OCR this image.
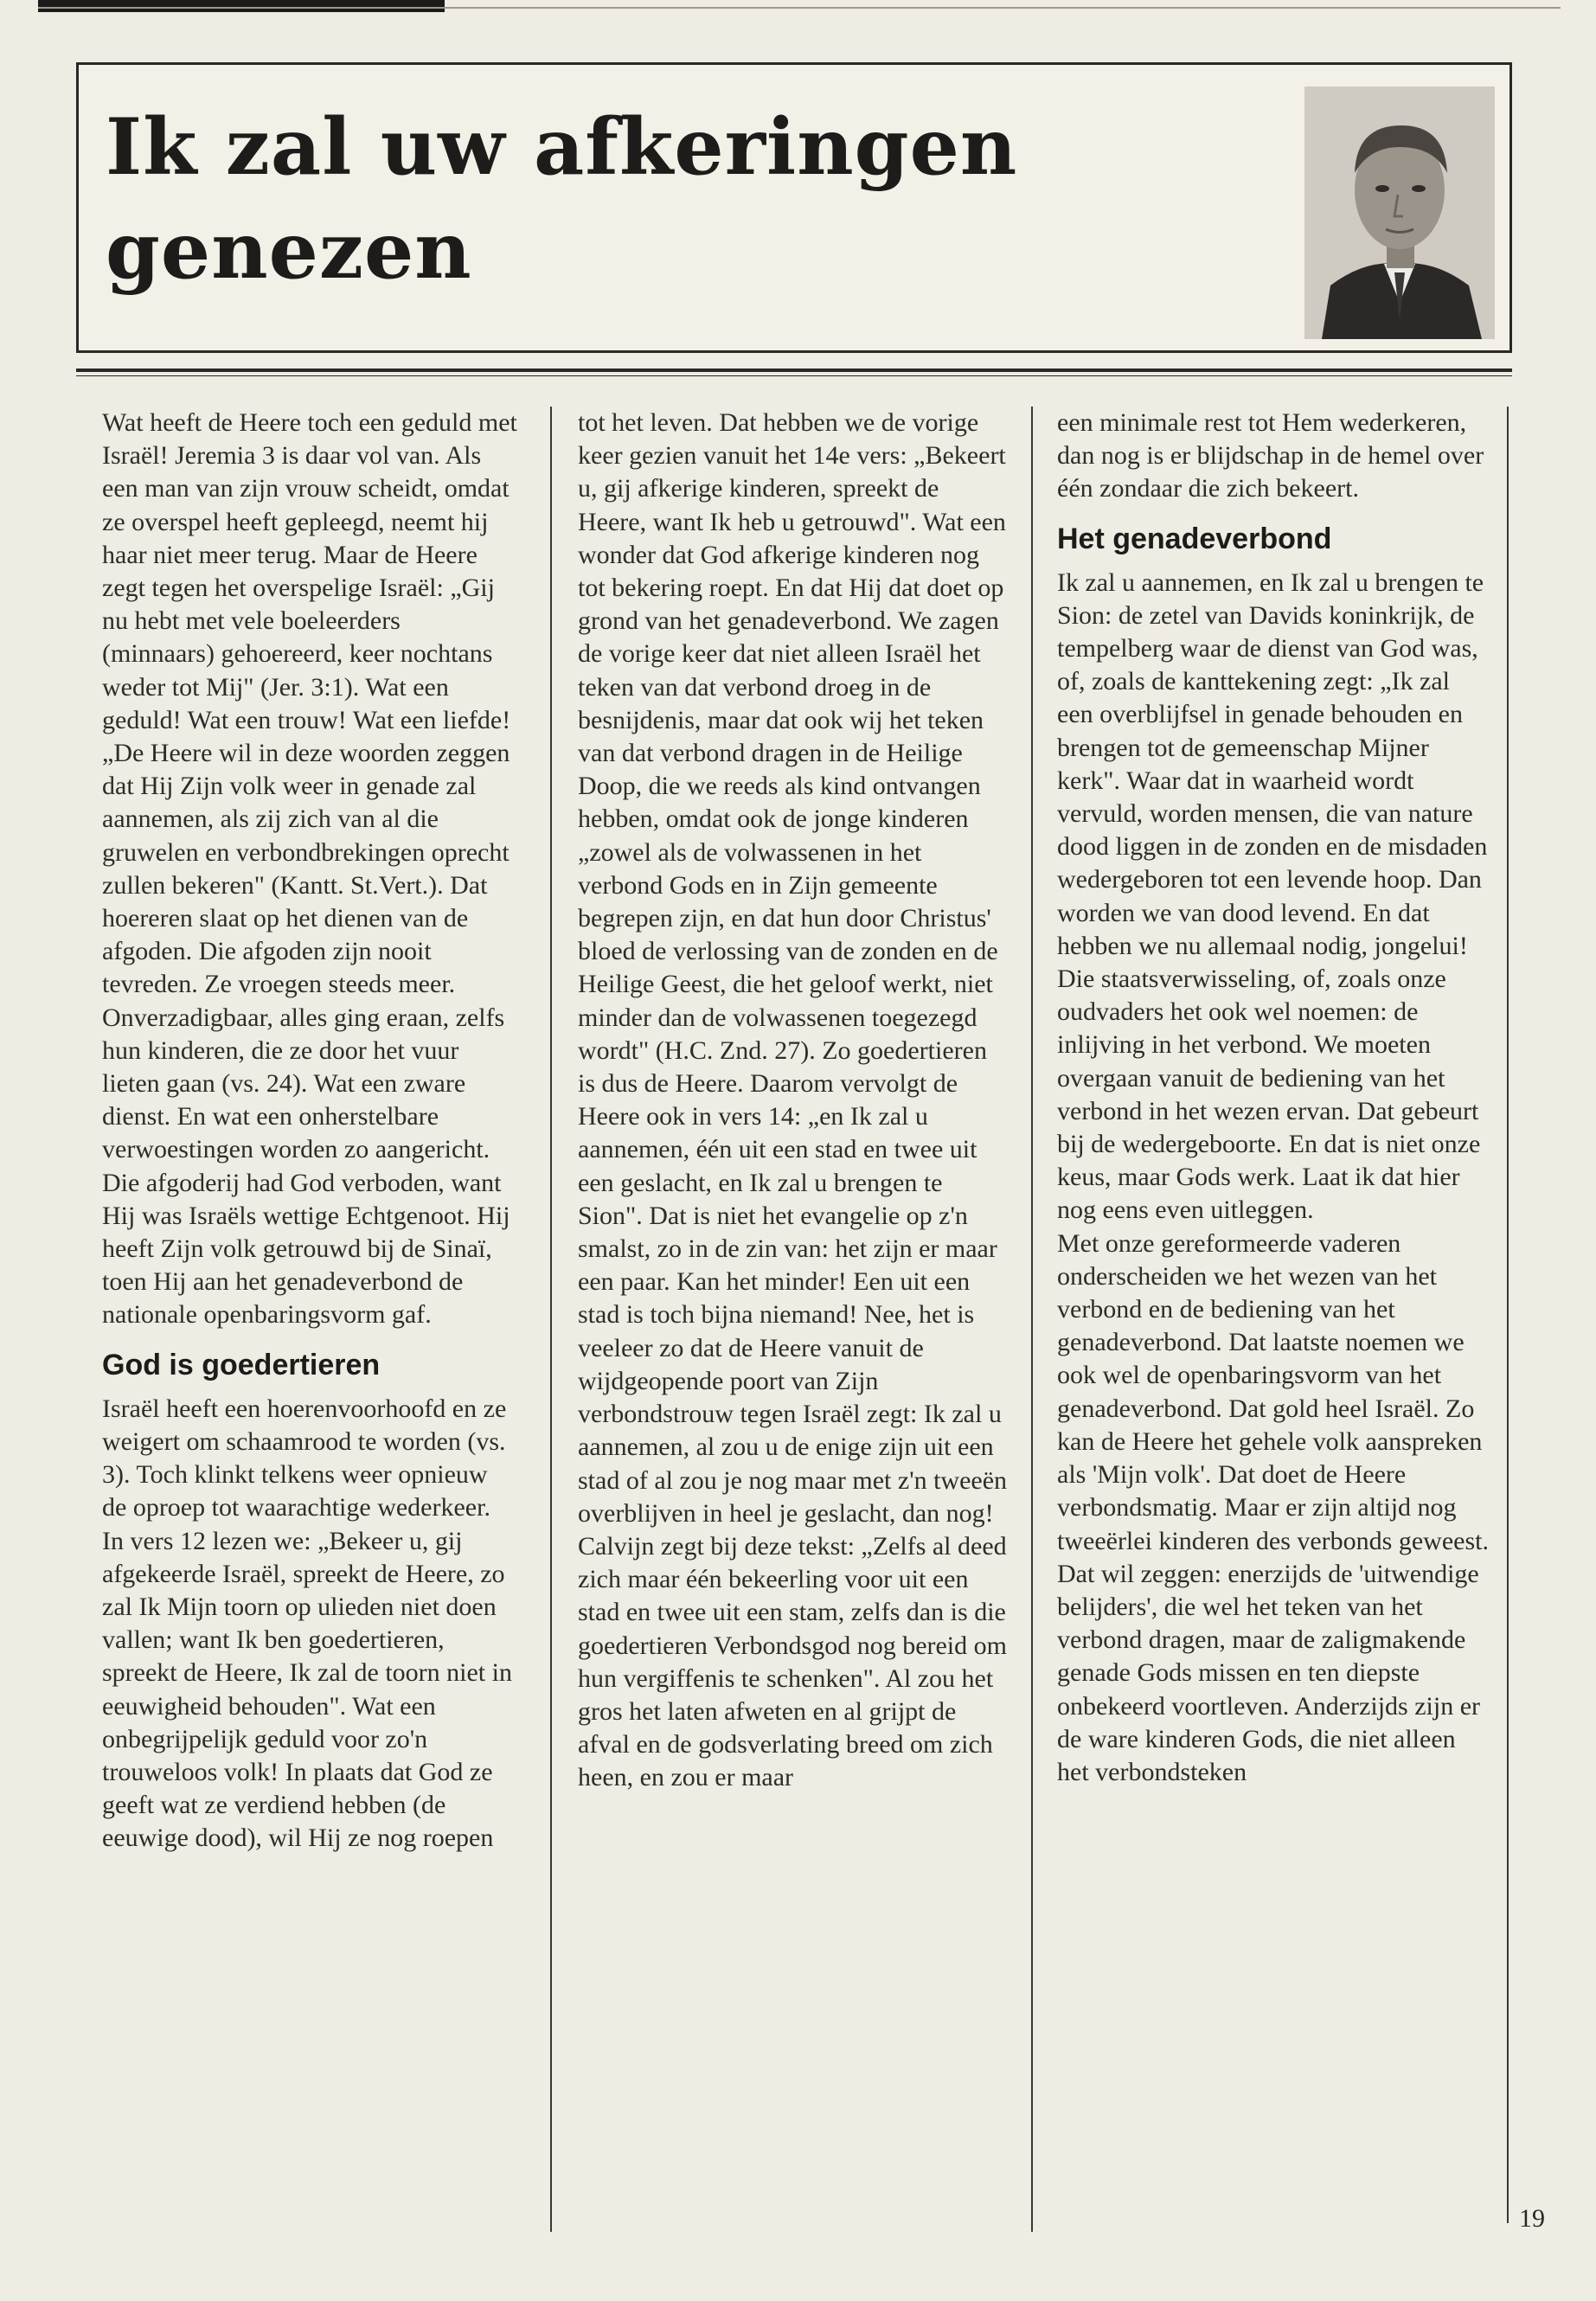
Ik zal uw afkeringen
genezen

Wat heeft de Heere toch een geduld met Israël! Jeremia 3 is daar vol van. Als een man van zijn vrouw scheidt, omdat ze overspel heeft gepleegd, neemt hij haar niet meer terug. Maar de Heere zegt tegen het overspelige Israël: „Gij nu hebt met vele boeleerders (minnaars) gehoereerd, keer nochtans weder tot Mij" (Jer. 3:1). Wat een geduld! Wat een trouw! Wat een liefde! „De Heere wil in deze woorden zeggen dat Hij Zijn volk weer in genade zal aannemen, als zij zich van al die gruwelen en verbondbrekingen oprecht zullen bekeren" (Kantt. St.Vert.). Dat hoereren slaat op het dienen van de afgoden. Die afgoden zijn nooit tevreden. Ze vroegen steeds meer. Onverzadigbaar, alles ging eraan, zelfs hun kinderen, die ze door het vuur lieten gaan (vs. 24). Wat een zware dienst. En wat een onherstelbare verwoestingen worden zo aangericht. Die afgoderij had God verboden, want Hij was Israëls wettige Echtgenoot. Hij heeft Zijn volk getrouwd bij de Sinaï, toen Hij aan het genadeverbond de nationale openbaringsvorm gaf.

God is goedertieren

Israël heeft een hoerenvoorhoofd en ze weigert om schaamrood te worden (vs. 3). Toch klinkt telkens weer opnieuw de oproep tot waarachtige wederkeer. In vers 12 lezen we: „Bekeer u, gij afgekeerde Israël, spreekt de Heere, zo zal Ik Mijn toorn op ulieden niet doen vallen; want Ik ben goedertieren, spreekt de Heere, Ik zal de toorn niet in eeuwigheid behouden". Wat een onbegrijpelijk geduld voor zo'n trouweloos volk! In plaats dat God ze geeft wat ze verdiend hebben (de eeuwige dood), wil Hij ze nog roepen

tot het leven. Dat hebben we de vorige keer gezien vanuit het 14e vers: „Bekeert u, gij afkerige kinderen, spreekt de Heere, want Ik heb u getrouwd". Wat een wonder dat God afkerige kinderen nog tot bekering roept. En dat Hij dat doet op grond van het genadeverbond. We zagen de vorige keer dat niet alleen Israël het teken van dat verbond droeg in de besnijdenis, maar dat ook wij het teken van dat verbond dragen in de Heilige Doop, die we reeds als kind ontvangen hebben, omdat ook de jonge kinderen „zowel als de volwassenen in het verbond Gods en in Zijn gemeente begrepen zijn, en dat hun door Christus' bloed de verlossing van de zonden en de Heilige Geest, die het geloof werkt, niet minder dan de volwassenen toegezegd wordt" (H.C. Znd. 27). Zo goedertieren is dus de Heere. Daarom vervolgt de Heere ook in vers 14: „en Ik zal u aannemen, één uit een stad en twee uit een geslacht, en Ik zal u brengen te Sion". Dat is niet het evangelie op z'n smalst, zo in de zin van: het zijn er maar een paar. Kan het minder! Een uit een stad is toch bijna niemand! Nee, het is veeleer zo dat de Heere vanuit de wijdgeopende poort van Zijn verbondstrouw tegen Israël zegt: Ik zal u aannemen, al zou u de enige zijn uit een stad of al zou je nog maar met z'n tweeën overblijven in heel je geslacht, dan nog! Calvijn zegt bij deze tekst: „Zelfs al deed zich maar één bekeerling voor uit een stad en twee uit een stam, zelfs dan is die goedertieren Verbondsgod nog bereid om hun vergiffenis te schenken". Al zou het gros het laten afweten en al grijpt de afval en de godsverlating breed om zich heen, en zou er maar

een minimale rest tot Hem wederkeren, dan nog is er blijdschap in de hemel over één zondaar die zich bekeert.

Het genadeverbond

Ik zal u aannemen, en Ik zal u brengen te Sion: de zetel van Davids koninkrijk, de tempelberg waar de dienst van God was, of, zoals de kanttekening zegt: „Ik zal een overblijfsel in genade behouden en brengen tot de gemeenschap Mijner kerk". Waar dat in waarheid wordt vervuld, worden mensen, die van nature dood liggen in de zonden en de misdaden wedergeboren tot een levende hoop. Dan worden we van dood levend. En dat hebben we nu allemaal nodig, jongelui! Die staatsverwisseling, of, zoals onze oudvaders het ook wel noemen: de inlijving in het verbond. We moeten overgaan vanuit de bediening van het verbond in het wezen ervan. Dat gebeurt bij de wedergeboorte. En dat is niet onze keus, maar Gods werk. Laat ik dat hier nog eens even uitleggen.

Met onze gereformeerde vaderen onderscheiden we het wezen van het verbond en de bediening van het genadeverbond. Dat laatste noemen we ook wel de openbaringsvorm van het genadeverbond. Dat gold heel Israël. Zo kan de Heere het gehele volk aanspreken als 'Mijn volk'. Dat doet de Heere verbondsmatig. Maar er zijn altijd nog tweeërlei kinderen des verbonds geweest. Dat wil zeggen: enerzijds de 'uitwendige belijders', die wel het teken van het verbond dragen, maar de zaligmakende genade Gods missen en ten diepste onbekeerd voortleven. Anderzijds zijn er de ware kinderen Gods, die niet alleen het verbondsteken

19
